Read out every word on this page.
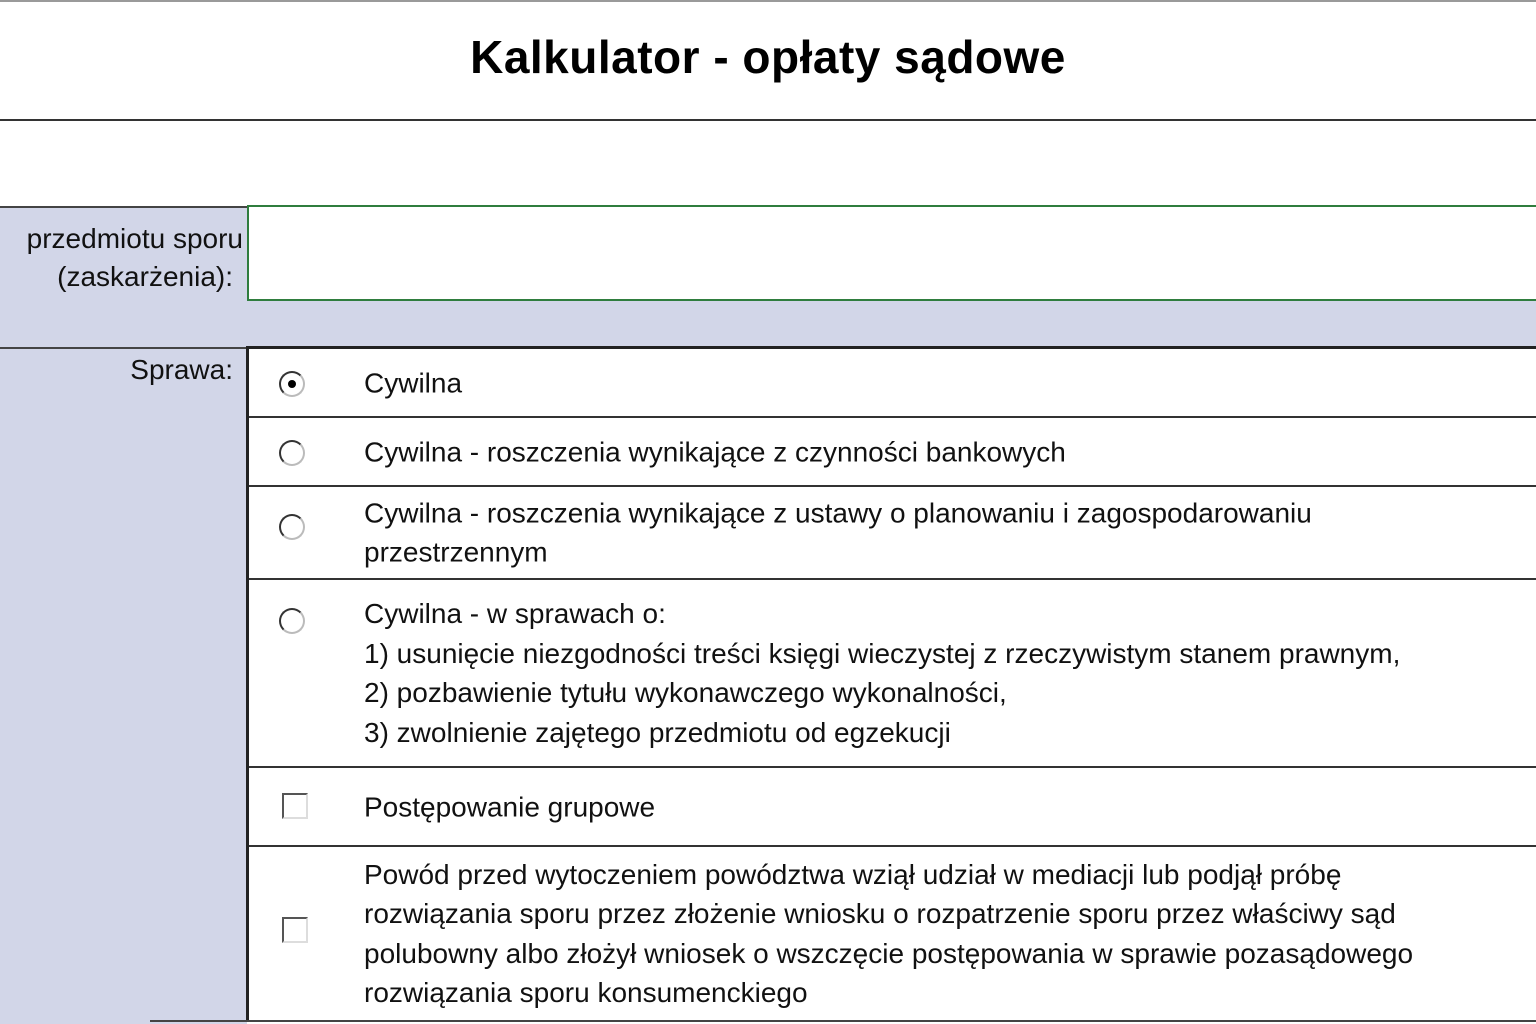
Kalkulator - opłaty sądowe
przedmiotu sporu
(zaskarżenia):
Sprawa:	Cywilna
Cywilna - roszczenia wynikające z czynności bankowych
Cywilna - roszczenia wynikające z ustawy o planowaniu i zagospodarowaniu
przestrzennym
Cywilna - w sprawach o:
1) usunięcie niezgodności treści księgi wieczystej z rzeczywistym stanem prawnym,
2) pozbawienie tytułu wykonawczego wykonalności,
3) zwolnienie zajętego przedmiotu od egzekucji
Postępowanie grupowe
Powód przed wytoczeniem powództwa wziął udział w mediacji lub podjął próbę
rozwiązania sporu przez złożenie wniosku o rozpatrzenie sporu przez właściwy sąd
polubowny albo złożył wniosek o wszczęcie postępowania w sprawie pozasądowego
rozwiązania sporu konsumenckiego
